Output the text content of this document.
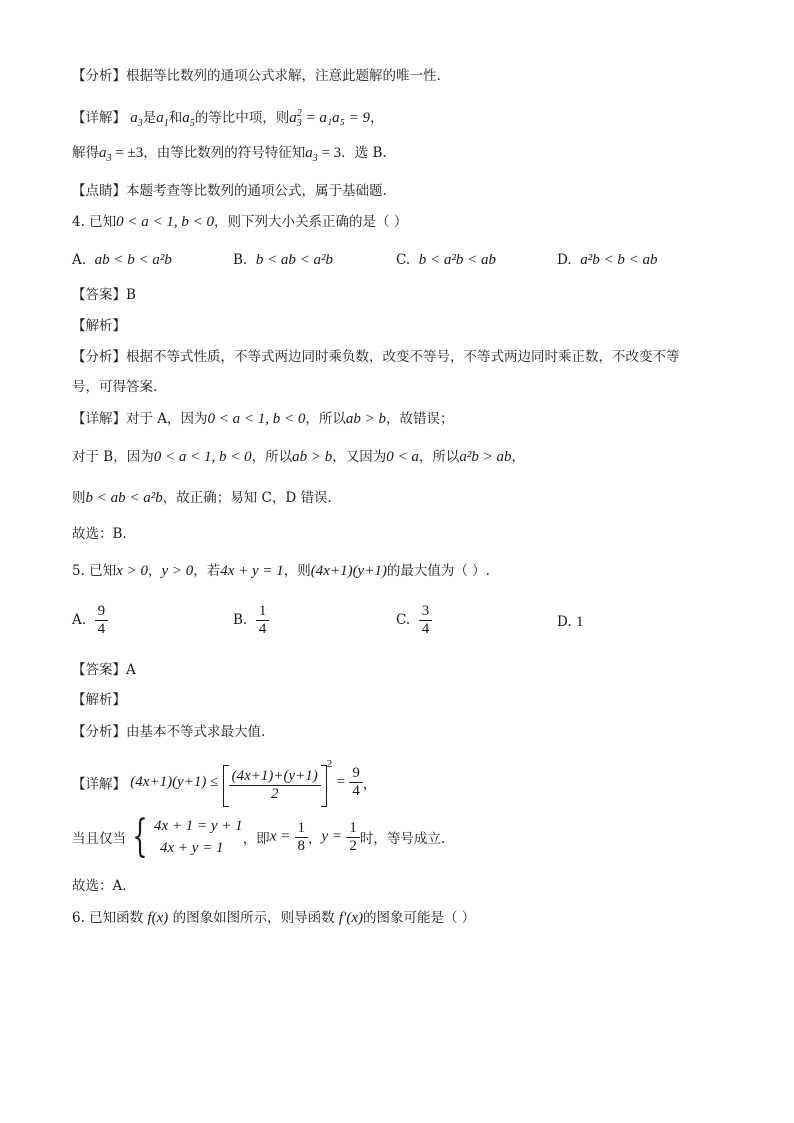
【分析】根据等比数列的通项公式求解，注意此题解的唯一性.
【详解】 $a_3$是$a_1$和$a_5$的等比中项，则$a_3^2 = a_1a_5 = 9$，
解得$a_3 = \pm 3$，由等比数列的符号特征知$a_3 = 3$．选 B.
【点睛】本题考查等比数列的通项公式，属于基础题.
4. 已知0 < a < 1, b < 0，则下列大小关系正确的是（ ）
A. ab < b < a²b	B. b < ab < a²b	C. b < a²b < ab	D. a²b < b < ab
【答案】B
【解析】
【分析】根据不等式性质，不等式两边同时乘负数，改变不等号，不等式两边同时乘正数，不改变不等
号，可得答案.
【详解】对于 A，因为0 < a < 1, b < 0，所以ab > b，故错误；
对于 B，因为0 < a < 1, b < 0，所以ab > b，又因为0 < a，所以a²b > ab，
则b < ab < a²b，故正确；易知 C，D 错误.
故选：B.
5. 已知x > 0，y > 0，若4x + y = 1，则(4x+1)(y+1)的最大值为（ ）.
A. $\frac{9}{4}$	B. $\frac{1}{4}$	C. $\frac{3}{4}$	D. 1
【答案】A
【解析】
【分析】由基本不等式求最大值.
【详解】 $(4x+1)(y+1) \le \frac{(4x+1)+(y+1)}{2}$
$^2 = \frac{9}{4}$ ，
当且仅当 { 4x + 1 = y + 1
4x + y = 1
，即$x = \frac{1}{8}$ ，$y = \frac{1}{2}$ 时，等号成立.
故选：A.
6. 已知函数 f(x) 的图象如图所示，则导函数 f′(x)的图象可能是（ ）
